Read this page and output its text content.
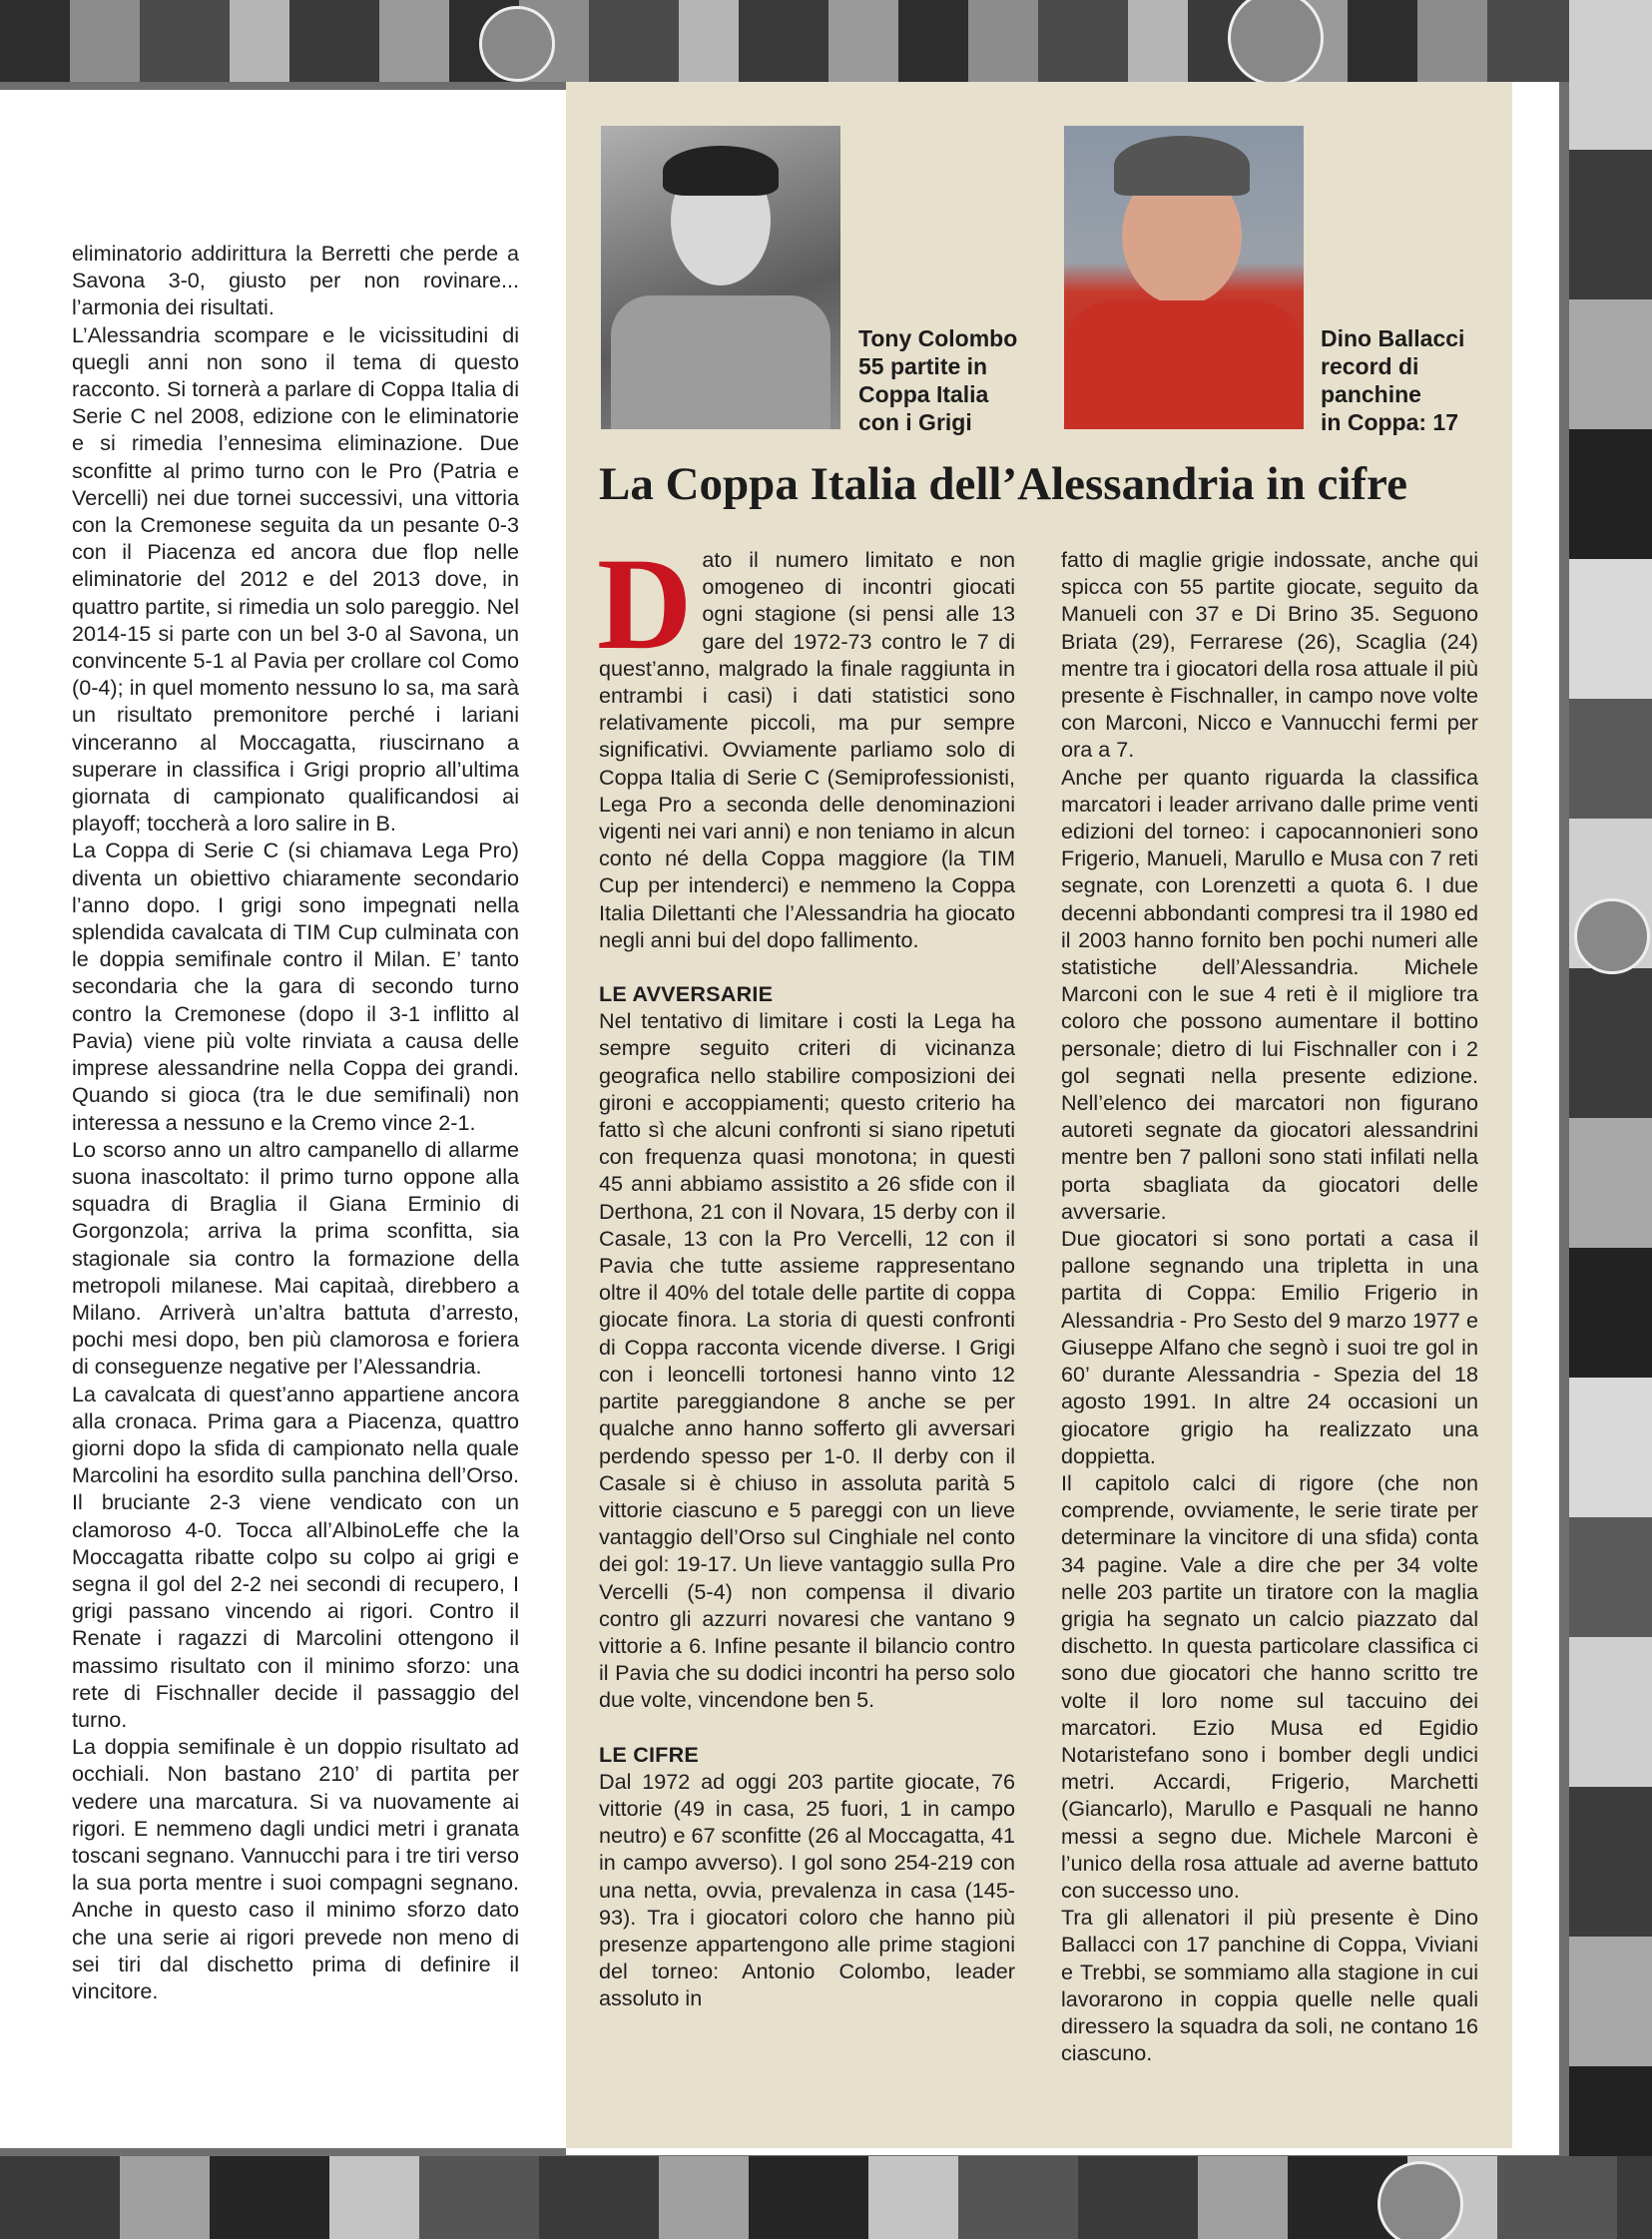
eliminatorio addirittura la Berretti che perde a Savona 3-0, giusto per non rovinare... l’armonia dei risultati.

L’Alessandria scompare e le vicissitudini di quegli anni non sono il tema di questo racconto. Si tornerà a parlare di Coppa Italia di Serie C nel 2008, edizione con le eliminatorie e si rimedia l’ennesima eliminazione. Due sconfitte al primo turno con le Pro (Patria e Vercelli) nei due tornei successivi, una vittoria con la Cremonese seguita da un pesante 0-3 con il Piacenza ed ancora due flop nelle eliminatorie del 2012 e del 2013 dove, in quattro partite, si rimedia un solo pareggio. Nel 2014-15 si parte con un bel 3-0 al Savona, un convincente 5-1 al Pavia per crollare col Como (0-4); in quel momento nessuno lo sa, ma sarà un risultato premonitore perché i lariani vinceranno al Moccagatta, riuscirnano a superare in classifica i Grigi proprio all’ultima giornata di campionato qualificandosi ai playoff; toccherà a loro salire in B.

La Coppa di Serie C (si chiamava Lega Pro) diventa un obiettivo chiaramente secondario l’anno dopo. I grigi sono impegnati nella splendida cavalcata di TIM Cup culminata con le doppia semifinale contro il Milan. E’ tanto secondaria che la gara di secondo turno contro la Cremonese (dopo il 3-1 inflitto al Pavia) viene più volte rinviata a causa delle imprese alessandrine nella Coppa dei grandi. Quando si gioca (tra le due semifinali) non interessa a nessuno e la Cremo vince 2-1.

Lo scorso anno un altro campanello di allarme suona inascoltato: il primo turno oppone alla squadra di Braglia il Giana Erminio di Gorgonzola; arriva la prima sconfitta, sia stagionale sia contro la formazione della metropoli milanese. Mai capitaà, direbbero a Milano. Arriverà un’altra battuta d’arresto, pochi mesi dopo, ben più clamorosa e foriera di conseguenze negative per l’Alessandria.

La cavalcata di quest’anno appartiene ancora alla cronaca. Prima gara a Piacenza, quattro giorni dopo la sfida di campionato nella quale Marcolini ha esordito sulla panchina dell’Orso. Il bruciante 2-3 viene vendicato con un clamoroso 4-0. Tocca all’AlbinoLeffe che la Moccagatta ribatte colpo su colpo ai grigi e segna il gol del 2-2 nei secondi di recupero, I grigi passano vincendo ai rigori. Contro il Renate i ragazzi di Marcolini ottengono il massimo risultato con il minimo sforzo: una rete di Fischnaller decide il passaggio del turno.

La doppia semifinale è un doppio risultato ad occhiali. Non bastano 210’ di partita per vedere una marcatura. Si va nuovamente ai rigori. E nemmeno dagli undici metri i granata toscani segnano. Vannucchi para i tre tiri verso la sua porta mentre i suoi compagni segnano. Anche in questo caso il minimo sforzo dato che una serie ai rigori prevede non meno di sei tiri dal dischetto prima di definire il vincitore.

Tony Colombo
55 partite in
Coppa Italia
con i Grigi
Dino Ballacci
record di
panchine
in Coppa: 17
La Coppa Italia dell’Alessandria in cifre

Dato il numero limitato e non omogeneo di incontri giocati ogni stagione (si pensi alle 13 gare del 1972-73 contro le 7 di quest’anno, malgrado la finale raggiunta in entrambi i casi) i dati statistici sono relativamente piccoli, ma pur sempre significativi. Ovviamente parliamo solo di Coppa Italia di Serie C (Semiprofessionisti, Lega Pro a seconda delle denominazioni vigenti nei vari anni) e non teniamo in alcun conto né della Coppa maggiore (la TIM Cup per intenderci) e nemmeno la Coppa Italia Dilettanti che l’Alessandria ha giocato negli anni bui del dopo fallimento.

LE AVVERSARIE

Nel tentativo di limitare i costi la Lega ha sempre seguito criteri di vicinanza geografica nello stabilire composizioni dei gironi e accoppiamenti; questo criterio ha fatto sì che alcuni confronti si siano ripetuti con frequenza quasi monotona; in questi 45 anni abbiamo assistito a 26 sfide con il Derthona, 21 con il Novara, 15 derby con il Casale, 13 con la Pro Vercelli, 12 con il Pavia che tutte assieme rappresentano oltre il 40% del totale delle partite di coppa giocate finora. La storia di questi confronti di Coppa racconta vicende diverse. I Grigi con i leoncelli tortonesi hanno vinto 12 partite pareggiandone 8 anche se per qualche anno hanno sofferto gli avversari perdendo spesso per 1-0. Il derby con il Casale si è chiuso in assoluta parità 5 vittorie ciascuno e 5 pareggi con un lieve vantaggio dell’Orso sul Cinghiale nel conto dei gol: 19-17. Un lieve vantaggio sulla Pro Vercelli (5-4) non compensa il divario contro gli azzurri novaresi che vantano 9 vittorie a 6. Infine pesante il bilancio contro il Pavia che su dodici incontri ha perso solo due volte, vincendone ben 5.

LE CIFRE

Dal 1972 ad oggi 203 partite giocate, 76 vittorie (49 in casa, 25 fuori, 1 in campo neutro) e 67 sconfitte (26 al Moccagatta, 41 in campo avverso). I gol sono 254-219 con una netta, ovvia, prevalenza in casa (145-93). Tra i giocatori coloro che hanno più presenze appartengono alle prime stagioni del torneo: Antonio Colombo, leader assoluto in

fatto di maglie grigie indossate, anche qui spicca con 55 partite giocate, seguito da Manueli con 37 e Di Brino 35. Seguono Briata (29), Ferrarese (26), Scaglia (24) mentre tra i giocatori della rosa attuale il più presente è Fischnaller, in campo nove volte con Marconi, Nicco e Vannucchi fermi per ora a 7.

Anche per quanto riguarda la classifica marcatori i leader arrivano dalle prime venti edizioni del torneo: i capocannonieri sono Frigerio, Manueli, Marullo e Musa con 7 reti segnate, con Lorenzetti a quota 6. I due decenni abbondanti compresi tra il 1980 ed il 2003 hanno fornito ben pochi numeri alle statistiche dell’Alessandria. Michele Marconi con le sue 4 reti è il migliore tra coloro che possono aumentare il bottino personale; dietro di lui Fischnaller con i 2 gol segnati nella presente edizione. Nell’elenco dei marcatori non figurano autoreti segnate da giocatori alessandrini mentre ben 7 palloni sono stati infilati nella porta sbagliata da giocatori delle avversarie.

Due giocatori si sono portati a casa il pallone segnando una tripletta in una partita di Coppa: Emilio Frigerio in Alessandria - Pro Sesto del 9 marzo 1977 e Giuseppe Alfano che segnò i suoi tre gol in 60’ durante Alessandria - Spezia del 18 agosto 1991. In altre 24 occasioni un giocatore grigio ha realizzato una doppietta.

Il capitolo calci di rigore (che non comprende, ovviamente, le serie tirate per determinare la vincitore di una sfida) conta 34 pagine. Vale a dire che per 34 volte nelle 203 partite un tiratore con la maglia grigia ha segnato un calcio piazzato dal dischetto. In questa particolare classifica ci sono due giocatori che hanno scritto tre volte il loro nome sul taccuino dei marcatori. Ezio Musa ed Egidio Notaristefano sono i bomber degli undici metri. Accardi, Frigerio, Marchetti (Giancarlo), Marullo e Pasquali ne hanno messi a segno due. Michele Marconi è l’unico della rosa attuale ad averne battuto con successo uno.

Tra gli allenatori il più presente è Dino Ballacci con 17 panchine di Coppa, Viviani e Trebbi, se sommiamo alla stagione in cui lavorarono in coppia quelle nelle quali diressero la squadra da soli, ne contano 16 ciascuno.
